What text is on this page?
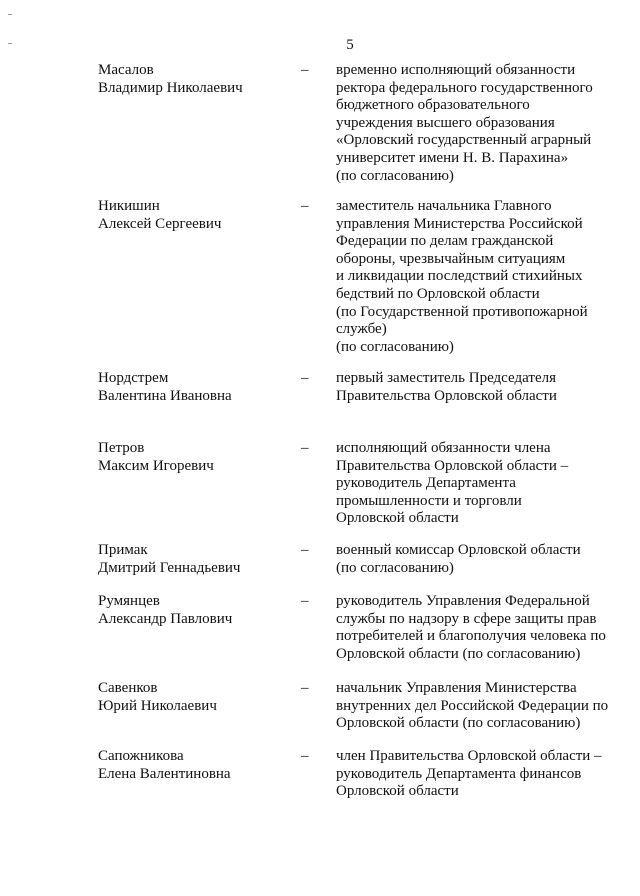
5
Масалов
Владимир Николаевич
– временно исполняющий обязанности
ректора федерального государственного
бюджетного образовательного
учреждения высшего образования
«Орловский государственный аграрный
университет имени Н. В. Парахина»
(по согласованию)
Никишин
Алексей Сергеевич
– заместитель начальника Главного
управления Министерства Российской
Федерации по делам гражданской
обороны, чрезвычайным ситуациям
и ликвидации последствий стихийных
бедствий по Орловской области
(по Государственной противопожарной
службе)
(по согласованию)
Нордстрем
Валентина Ивановна
– первый заместитель Председателя
Правительства Орловской области
Петров
Максим Игоревич
– исполняющий обязанности члена
Правительства Орловской области –
руководитель Департамента
промышленности и торговли
Орловской области
Примак
Дмитрий Геннадьевич
– военный комиссар Орловской области
(по согласованию)
Румянцев
Александр Павлович
– руководитель Управления Федеральной
службы по надзору в сфере защиты прав
потребителей и благополучия человека по
Орловской области (по согласованию)
Савенков
Юрий Николаевич
– начальник Управления Министерства
внутренних дел Российской Федерации по
Орловской области (по согласованию)
Сапожникова
Елена Валентиновна
– член Правительства Орловской области –
руководитель Департамента финансов
Орловской области
